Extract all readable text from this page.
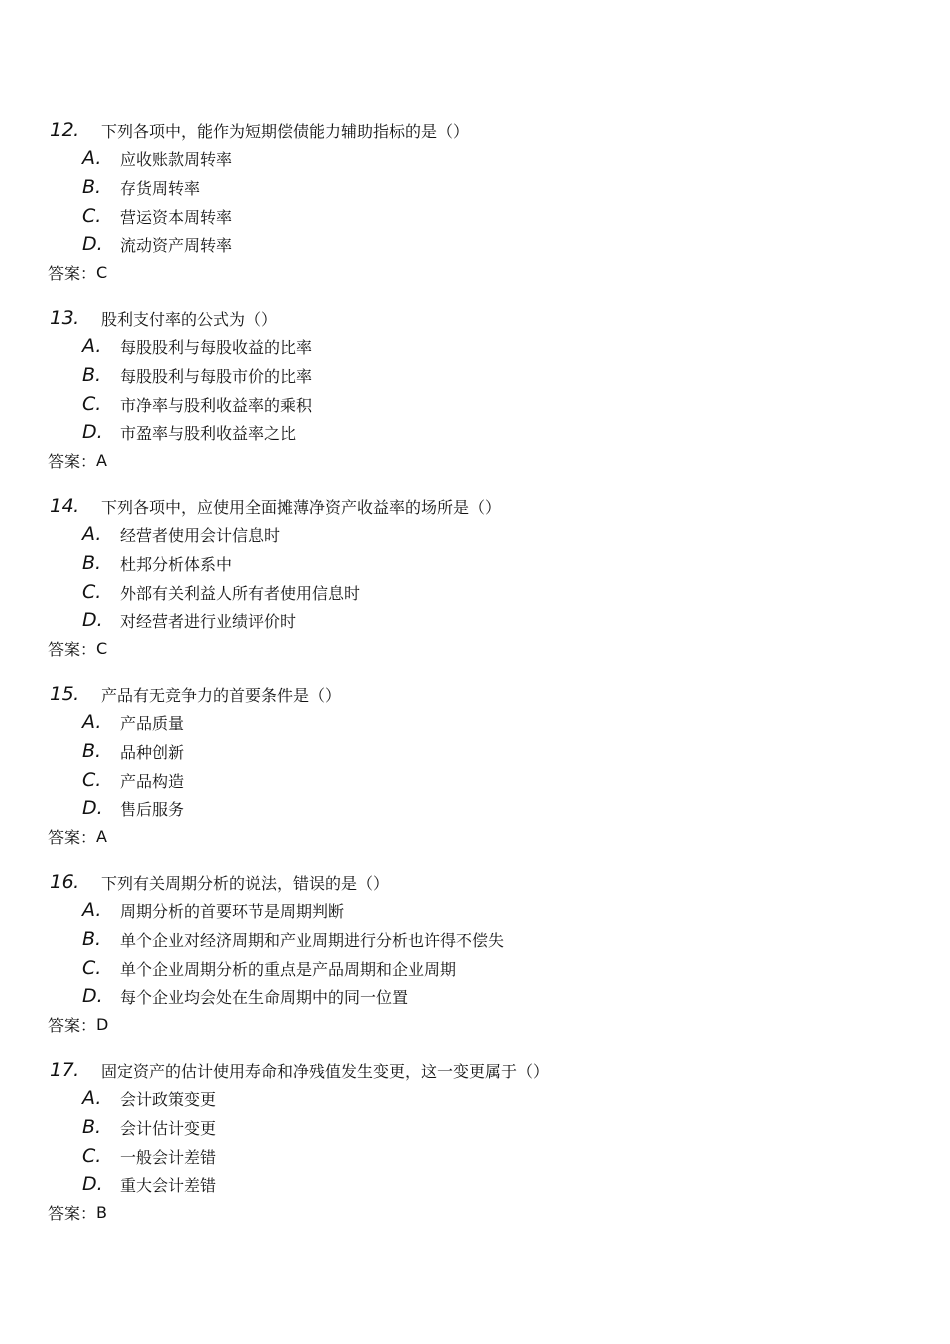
12.	下列各项中，能作为短期偿债能力辅助指标的是（）
A.	应收账款周转率
B.	存货周转率
C.	营运资本周转率
D.	流动资产周转率
答案： C
13.	股利支付率的公式为（）
A.	每股股利与每股收益的比率
B.	每股股利与每股市价的比率
C.	市净率与股利收益率的乘积
D.	市盈率与股利收益率之比
答案： A
14.	下列各项中，应使用全面摊薄净资产收益率的场所是（）
A.	经营者使用会计信息时
B.	杜邦分析体系中
C.	外部有关利益人所有者使用信息时
D.	对经营者进行业绩评价时
答案： C
15.	产品有无竞争力的首要条件是（）
A.	产品质量
B.	品种创新
C.	产品构造
D.	售后服务
答案： A
16.	下列有关周期分析的说法，错误的是（）
A.	周期分析的首要环节是周期判断
B.	单个企业对经济周期和产业周期进行分析也许得不偿失
C.	单个企业周期分析的重点是产品周期和企业周期
D.	每个企业均会处在生命周期中的同一位置
答案： D
17.	固定资产的估计使用寿命和净残值发生变更，这一变更属于（）
A.	会计政策变更
B.	会计估计变更
C.	一般会计差错
D.	重大会计差错
答案： B
